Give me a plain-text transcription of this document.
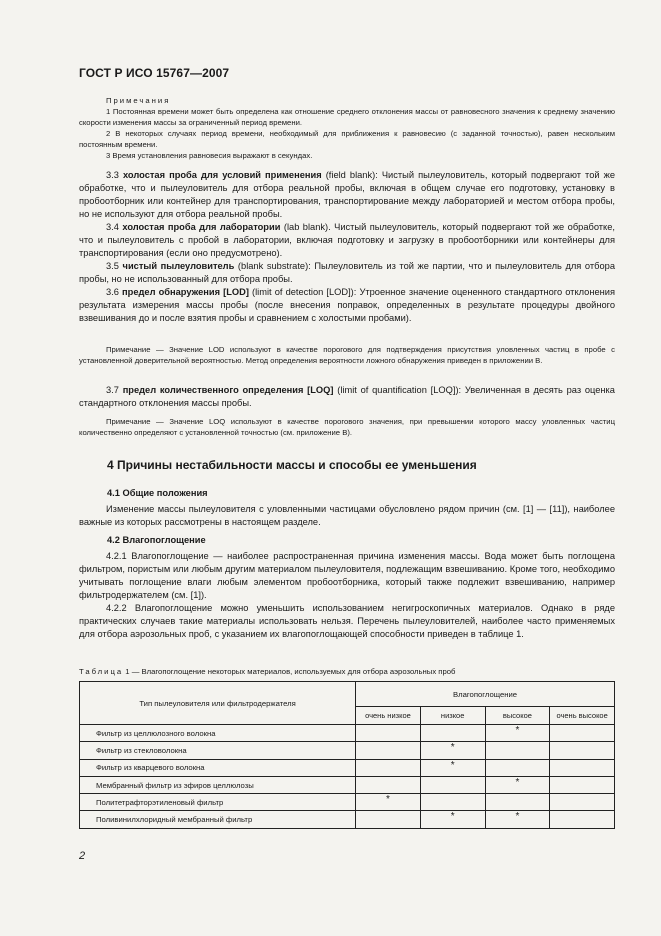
ГОСТ Р ИСО 15767—2007

Примечания

1 Постоянная времени может быть определена как отношение среднего отклонения массы от равновесного значения к среднему значению скорости изменения массы за ограниченный период времени.

2 В некоторых случаях период времени, необходимый для приближения к равновесию (с заданной точностью), равен нескольким постоянным времени.

3 Время установления равновесия выражают в секундах.

3.3 холостая проба для условий применения (field blank): Чистый пылеуловитель, который подвергают той же обработке, что и пылеуловитель для отбора реальной пробы, включая в общем случае его подготовку, установку в пробоотборник или контейнер для транспортирования, транспортирование между лабораторией и местом отбора пробы, но не используют для отбора реальной пробы.

3.4 холостая проба для лаборатории (lab blank). Чистый пылеуловитель, который подвергают той же обработке, что и пылеуловитель с пробой в лаборатории, включая подготовку и загрузку в пробоотборники или контейнеры для транспортирования (если оно предусмотрено).

3.5 чистый пылеуловитель (blank substrate): Пылеуловитель из той же партии, что и пылеуловитель для отбора пробы, но не использованный для отбора пробы.

3.6 предел обнаружения [LOD] (limit of detection [LOD]): Утроенное значение оцененного стандартного отклонения результата измерения массы пробы (после внесения поправок, определенных в результате процедуры двойного взвешивания до и после взятия пробы и сравнением с холостыми пробами).

Примечание — Значение LOD используют в качестве порогового для подтверждения присутствия уловленных частиц в пробе с установленной доверительной вероятностью. Метод определения вероятности ложного обнаружения приведен в приложении В.

3.7 предел количественного определения [LOQ] (limit of quantification [LOQ]): Увеличенная в десять раз оценка стандартного отклонения массы пробы.

Примечание — Значение LOQ используют в качестве порогового значения, при превышении которого массу уловленных частиц количественно определяют с установленной точностью (см. приложение В).

4 Причины нестабильности массы и способы ее уменьшения
4.1 Общие положения

Изменение массы пылеуловителя с уловленными частицами обусловлено рядом причин (см. [1] — [11]), наиболее важные из которых рассмотрены в настоящем разделе.

4.2 Влагопоглощение

4.2.1 Влагопоглощение — наиболее распространенная причина изменения массы. Вода может быть поглощена фильтром, пористым или любым другим материалом пылеуловителя, подлежащим взвешиванию. Кроме того, необходимо учитывать поглощение влаги любым элементом пробоотборника, который также подлежит взвешиванию, например фильтродержателем (см. [1]).

4.2.2 Влагопоглощение можно уменьшить использованием негигроскопичных материалов. Однако в ряде практических случаев такие материалы использовать нельзя. Перечень пылеуловителей, наиболее часто применяемых для отбора аэрозольных проб, с указанием их влагопоглощающей способности приведен в таблице 1.

Таблица 1 — Влагопоглощение некоторых материалов, используемых для отбора аэрозольных проб
Тип пылеуловителя или фильтродержателя	Влагопоглощение			
	очень низкое	низкое	высокое	очень высокое
Фильтр из целлюлозного волокна			*	
Фильтр из стекловолокна		*		
Фильтр из кварцевого волокна		*		
Мембранный фильтр из эфиров целлюлозы			*	
Политетрафторэтиленовый фильтр	*			
Поливинилхлоридный мембранный фильтр		*	*	
2
